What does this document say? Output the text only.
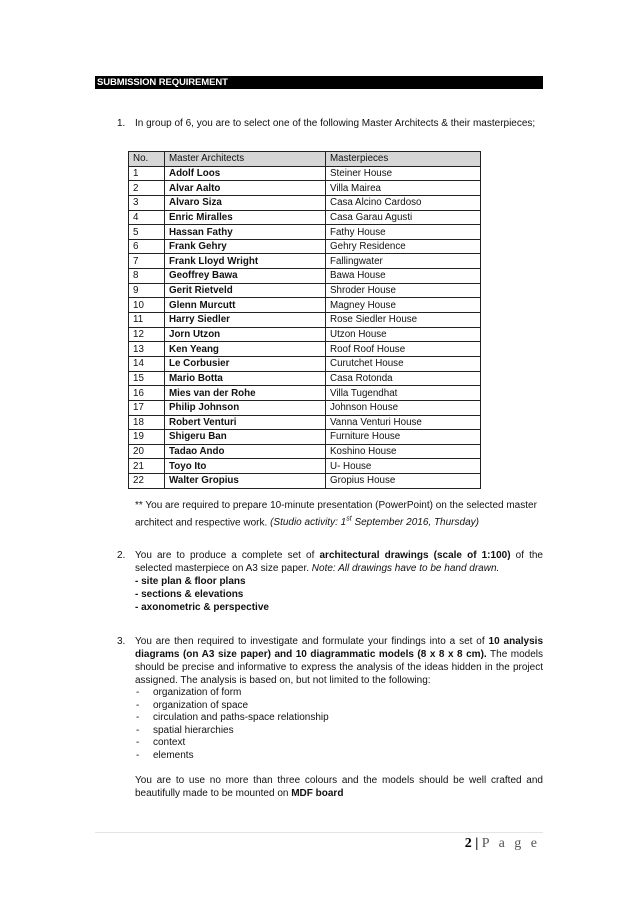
SUBMISSION REQUIREMENT
1. In group of 6, you are to select one of the following Master Architects & their masterpieces;
No.	Master Architects	Masterpieces
1	Adolf Loos	Steiner House
2	Alvar Aalto	Villa Mairea
3	Alvaro Siza	Casa Alcino Cardoso
4	Enric Miralles	Casa Garau Agusti
5	Hassan Fathy	Fathy House
6	Frank Gehry	Gehry Residence
7	Frank Lloyd Wright	Fallingwater
8	Geoffrey Bawa	Bawa House
9	Gerit Rietveld	Shroder House
10	Glenn Murcutt	Magney House
11	Harry Siedler	Rose Siedler House
12	Jorn Utzon	Utzon House
13	Ken Yeang	Roof Roof House
14	Le Corbusier	Curutchet House
15	Mario Botta	Casa Rotonda
16	Mies van der Rohe	Villa Tugendhat
17	Philip Johnson	Johnson House
18	Robert Venturi	Vanna Venturi House
19	Shigeru Ban	Furniture House
20	Tadao Ando	Koshino House
21	Toyo Ito	U- House
22	Walter Gropius	Gropius House
** You are required to prepare 10-minute presentation (PowerPoint) on the selected master architect and respective work. (Studio activity: 1st September 2016, Thursday)
2. You are to produce a complete set of architectural drawings (scale of 1:100) of the selected masterpiece on A3 size paper. Note: All drawings have to be hand drawn.
- site plan & floor plans
- sections & elevations
- axonometric & perspective
3. You are then required to investigate and formulate your findings into a set of 10 analysis diagrams (on A3 size paper) and 10 diagrammatic models (8 x 8 x 8 cm). The models should be precise and informative to express the analysis of the ideas hidden in the project assigned. The analysis is based on, but not limited to the following:
- organization of form
- organization of space
- circulation and paths-space relationship
- spatial hierarchies
- context
- elements
You are to use no more than three colours and the models should be well crafted and beautifully made to be mounted on MDF board
2 | P a g e
